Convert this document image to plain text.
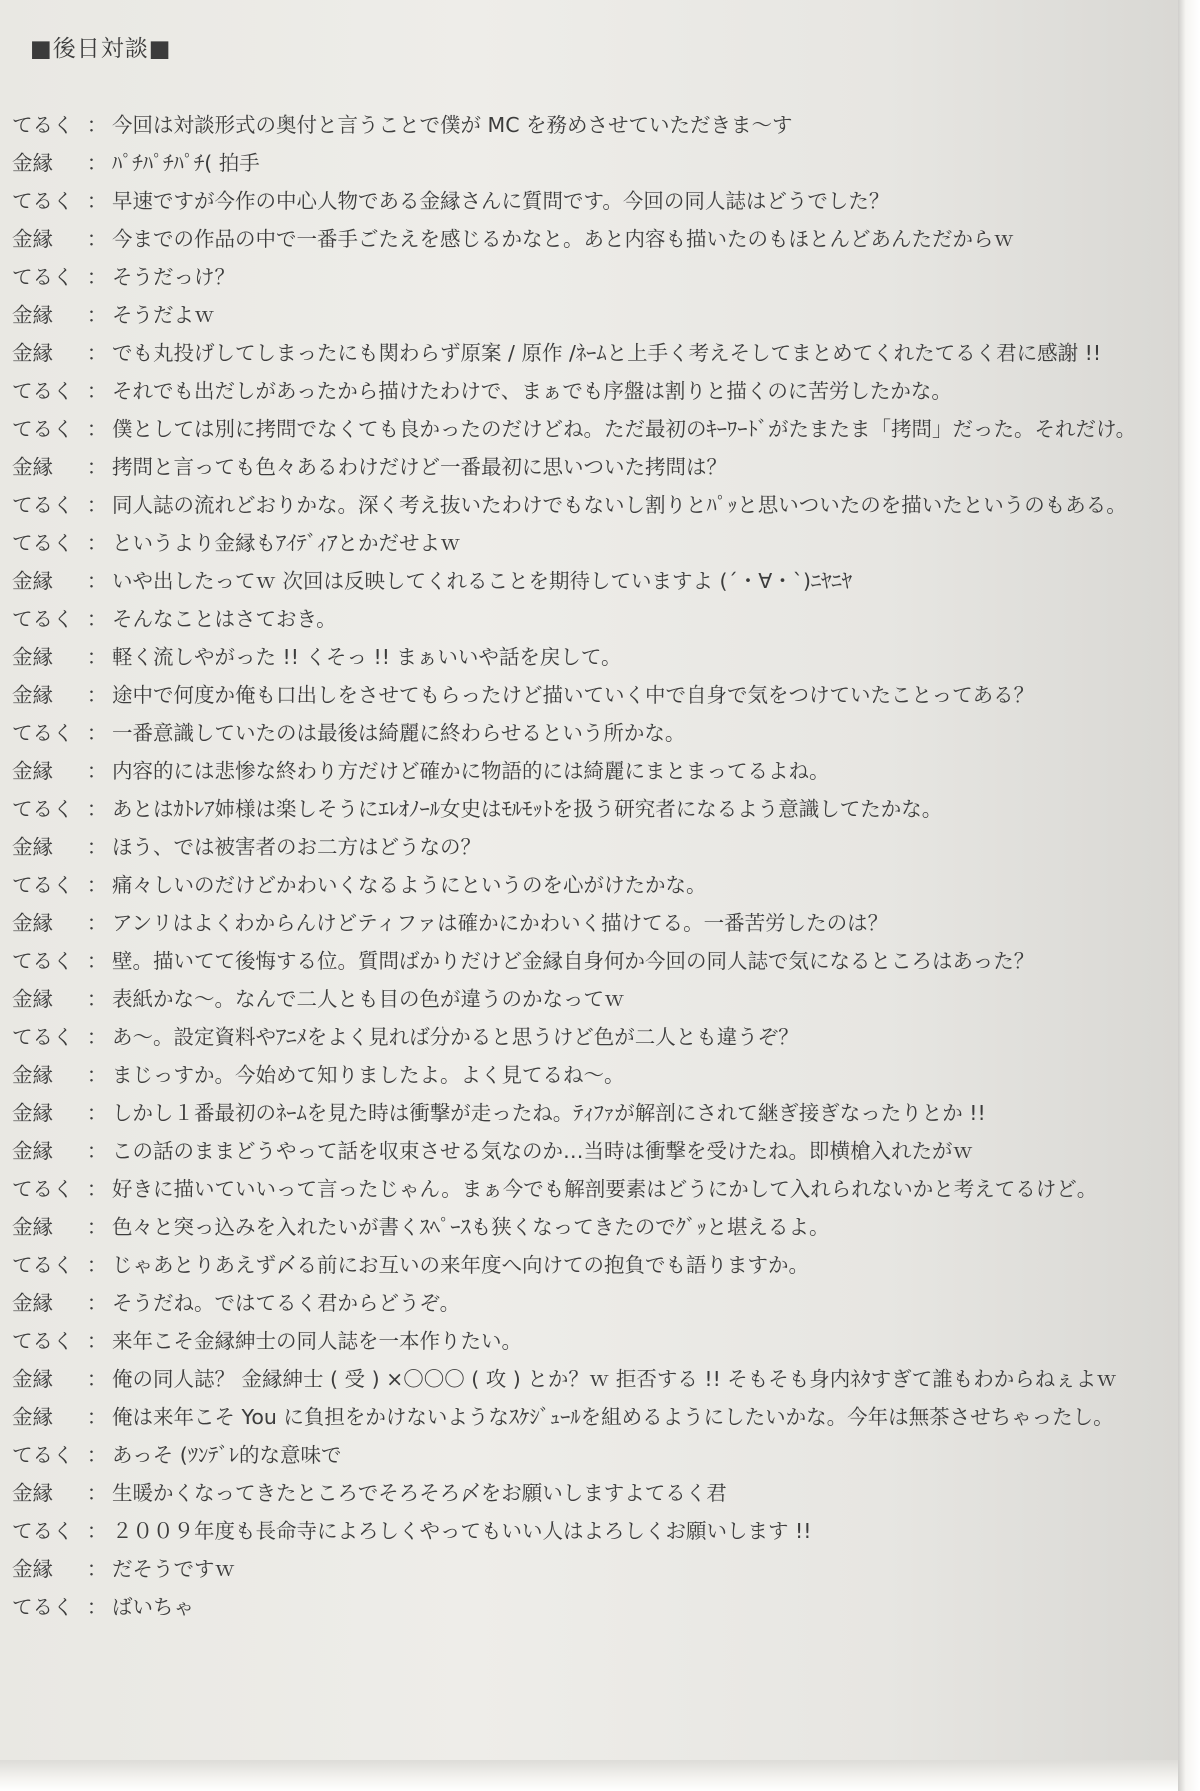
■後日対談■
てるく ： 今回は対談形式の奥付と言うことで僕が MC を務めさせていただきま～す
金縁	： ﾊﾟﾁﾊﾟﾁﾊﾟﾁ( 拍手
てるく ： 早速ですが今作の中心人物である金縁さんに質問です。今回の同人誌はどうでした？
金縁	： 今までの作品の中で一番手ごたえを感じるかなと。あと内容も描いたのもほとんどあんただからｗ
てるく ： そうだっけ？
金縁	： そうだよｗ
金縁	： でも丸投げしてしまったにも関わらず原案 / 原作 /ﾈｰﾑと上手く考えそしてまとめてくれたてるく君に感謝 !!
てるく ： それでも出だしがあったから描けたわけで、まぁでも序盤は割りと描くのに苦労したかな。
てるく ： 僕としては別に拷問でなくても良かったのだけどね。ただ最初のｷｰﾜｰﾄﾞがたまたま「拷問」だった。それだけ。
金縁	： 拷問と言っても色々あるわけだけど一番最初に思いついた拷問は？
てるく ： 同人誌の流れどおりかな。深く考え抜いたわけでもないし割りとﾊﾟｯと思いついたのを描いたというのもある。
てるく ： というより金縁もｱｲﾃﾞｨｱとかだせよｗ
金縁	： いや出したってｗ 次回は反映してくれることを期待していますよ (´・∀・`)ﾆﾔﾆﾔ
てるく ： そんなことはさておき。
金縁	： 軽く流しやがった !! くそっ !! まぁいいや話を戻して。
金縁	： 途中で何度か俺も口出しをさせてもらったけど描いていく中で自身で気をつけていたことってある？
てるく ： 一番意識していたのは最後は綺麗に終わらせるという所かな。
金縁	： 内容的には悲惨な終わり方だけど確かに物語的には綺麗にまとまってるよね。
てるく ： あとはｶﾄﾚｱ姉様は楽しそうにｴﾚｵﾉｰﾙ女史はﾓﾙﾓｯﾄを扱う研究者になるよう意識してたかな。
金縁	： ほう、では被害者のお二方はどうなの？
てるく ： 痛々しいのだけどかわいくなるようにというのを心がけたかな。
金縁	： アンリはよくわからんけどティファは確かにかわいく描けてる。一番苦労したのは？
てるく ： 壁。描いてて後悔する位。質問ばかりだけど金縁自身何か今回の同人誌で気になるところはあった？
金縁	： 表紙かな～。なんで二人とも目の色が違うのかなってｗ
てるく ： あ～。設定資料やｱﾆﾒをよく見れば分かると思うけど色が二人とも違うぞ？
金縁	： まじっすか。今始めて知りましたよ。よく見てるね～。
金縁	： しかし１番最初のﾈｰﾑを見た時は衝撃が走ったね。ﾃｨﾌｧが解剖にされて継ぎ接ぎなったりとか !!
金縁	： この話のままどうやって話を収束させる気なのか…当時は衝撃を受けたね。即横槍入れたがｗ
てるく ： 好きに描いていいって言ったじゃん。まぁ今でも解剖要素はどうにかして入れられないかと考えてるけど。
金縁	： 色々と突っ込みを入れたいが書くｽﾍﾟｰｽも狭くなってきたのでｸﾞｯと堪えるよ。
てるく ： じゃあとりあえず〆る前にお互いの来年度へ向けての抱負でも語りますか。
金縁	： そうだね。ではてるく君からどうぞ。
てるく ： 来年こそ金縁紳士の同人誌を一本作りたい。
金縁	： 俺の同人誌？ 金縁紳士 ( 受 ) ×〇〇〇 ( 攻 ) とか？ｗ 拒否する !! そもそも身内ﾈﾀすぎて誰もわからねぇよｗ
金縁	： 俺は来年こそ You に負担をかけないようなｽｹｼﾞｭｰﾙを組めるようにしたいかな。今年は無茶させちゃったし。
てるく ： あっそ (ﾂﾝﾃﾞﾚ的な意味で
金縁	： 生暖かくなってきたところでそろそろ〆をお願いしますよてるく君
てるく ： ２００９年度も長命寺によろしくやってもいい人はよろしくお願いします !!
金縁	： だそうですｗ
てるく ： ばいちゃ
